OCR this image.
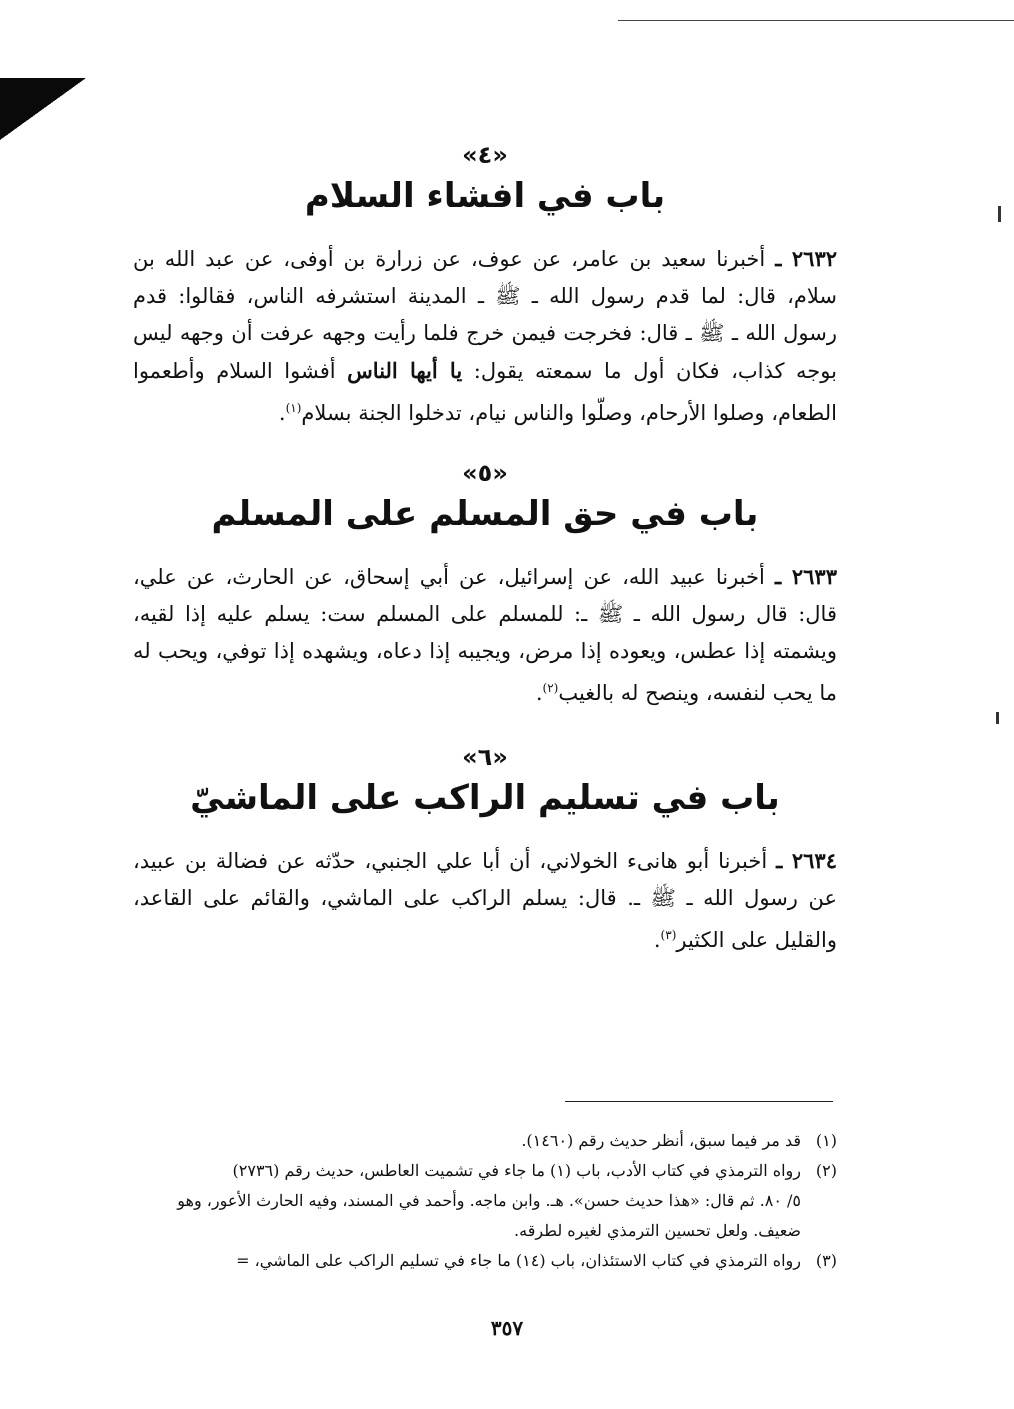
«٤»
باب في افشاء السلام
٢٦٣٢ ـ أخبرنا سعيد بن عامر، عن عوف، عن زرارة بن أوفى، عن عبد الله بن سلام، قال: لما قدم رسول الله ـ ﷺ ـ المدينة استشرفه الناس، فقالوا: قدم رسول الله ـ ﷺ ـ قال: فخرجت فيمن خرج فلما رأيت وجهه عرفت أن وجهه ليس بوجه كذاب، فكان أول ما سمعته يقول: يا أيها الناس أفشوا السلام وأطعموا الطعام، وصلوا الأرحام، وصلّوا والناس نيام، تدخلوا الجنة بسلام$^{(١)}$.
«٥»
باب في حق المسلم على المسلم
٢٦٣٣ ـ أخبرنا عبيد الله، عن إسرائيل، عن أبي إسحاق، عن الحارث، عن علي، قال: قال رسول الله ـ ﷺ ـ: للمسلم على المسلم ست: يسلم عليه إذا لقيه، ويشمته إذا عطس، ويعوده إذا مرض، ويجيبه إذا دعاه، ويشهده إذا توفي، ويحب له ما يحب لنفسه، وينصح له بالغيب$^{(٢)}$.
«٦»
باب في تسليم الراكب على الماشيّ
٢٦٣٤ ـ أخبرنا أبو هانىء الخولاني، أن أبا علي الجنبي، حدّثه عن فضالة بن عبيد، عن رسول الله ـ ﷺ ـ. قال: يسلم الراكب على الماشي، والقائم على القاعد، والقليل على الكثير$^{(٣)}$.

(١)قد مر فيما سبق، أنظر حديث رقم (١٤٦٠).

(٢)رواه الترمذي في كتاب الأدب، باب (١) ما جاء في تشميت العاطس، حديث رقم (٢٧٣٦)
٥/ ٨٠. ثم قال: «هذا حديث حسن». هـ. وابن ماجه. وأحمد في المسند، وفيه الحارث الأعور، وهو ضعيف. ولعل تحسين الترمذي لغيره لطرقه.

(٣)رواه الترمذي في كتاب الاستئذان، باب (١٤) ما جاء في تسليم الراكب على الماشي، =

٣٥٧
